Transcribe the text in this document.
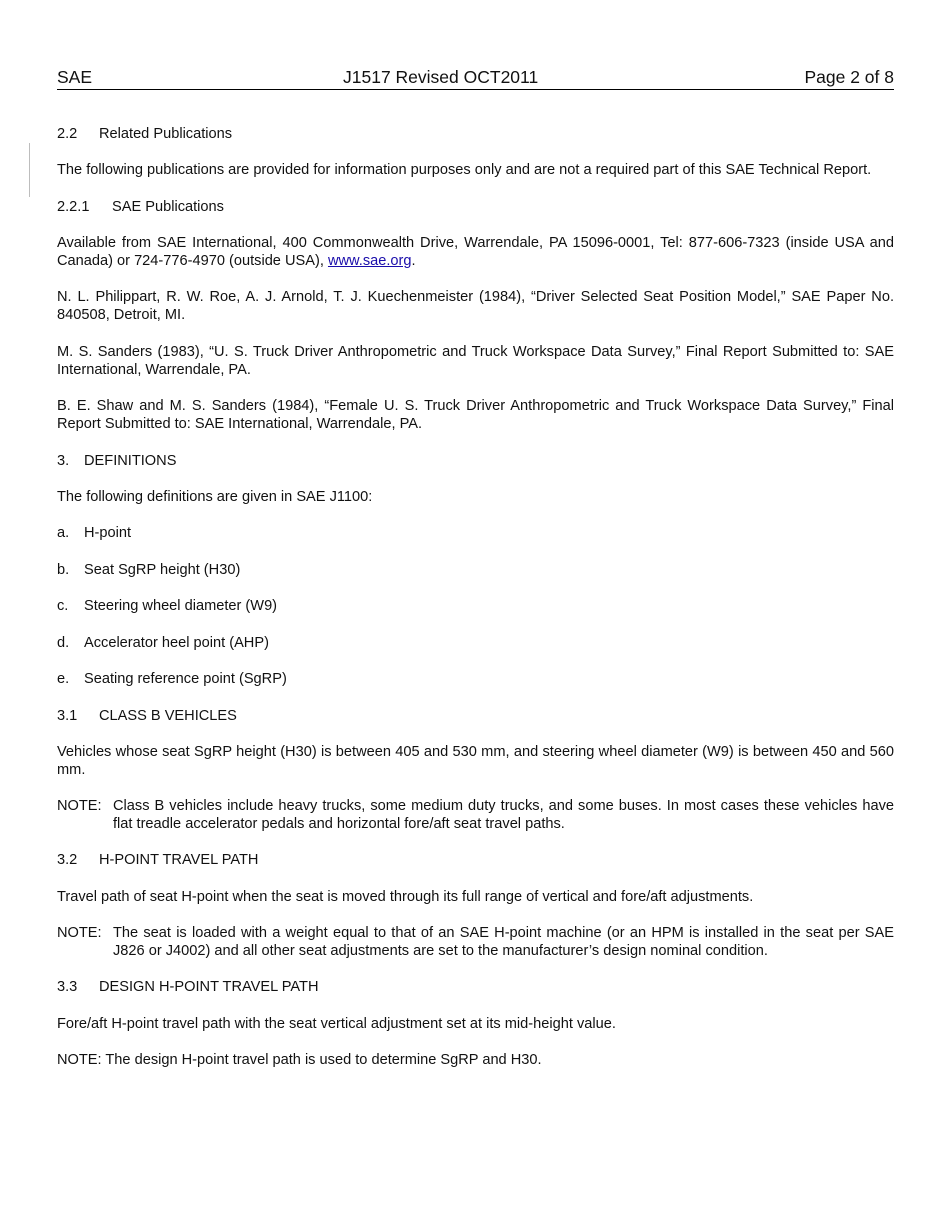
SAE	J1517 Revised OCT2011	Page 2 of 8

2.2 Related Publications

The following publications are provided for information purposes only and are not a required part of this SAE Technical Report.

2.2.1 SAE Publications

Available from SAE International, 400 Commonwealth Drive, Warrendale, PA 15096-0001, Tel: 877-606-7323 (inside USA and Canada) or 724-776-4970 (outside USA), www.sae.org.

N. L. Philippart, R. W. Roe, A. J. Arnold, T. J. Kuechenmeister (1984), “Driver Selected Seat Position Model,” SAE Paper No. 840508, Detroit, MI.

M. S. Sanders (1983), “U. S. Truck Driver Anthropometric and Truck Workspace Data Survey,” Final Report Submitted to: SAE International, Warrendale, PA.

B. E. Shaw and M. S. Sanders (1984), “Female U. S. Truck Driver Anthropometric and Truck Workspace Data Survey,” Final Report Submitted to: SAE International, Warrendale, PA.

3. DEFINITIONS

The following definitions are given in SAE J1100:

a. H-point

b. Seat SgRP height (H30)

c. Steering wheel diameter (W9)

d. Accelerator heel point (AHP)

e. Seating reference point (SgRP)

3.1 CLASS B VEHICLES

Vehicles whose seat SgRP height (H30) is between 405 and 530 mm, and steering wheel diameter (W9) is between 450 and 560 mm.

NOTE: Class B vehicles include heavy trucks, some medium duty trucks, and some buses. In most cases these vehicles have flat treadle accelerator pedals and horizontal fore/aft seat travel paths.

3.2 H-POINT TRAVEL PATH

Travel path of seat H-point when the seat is moved through its full range of vertical and fore/aft adjustments.

NOTE: The seat is loaded with a weight equal to that of an SAE H-point machine (or an HPM is installed in the seat per SAE J826 or J4002) and all other seat adjustments are set to the manufacturer’s design nominal condition.

3.3 DESIGN H-POINT TRAVEL PATH

Fore/aft H-point travel path with the seat vertical adjustment set at its mid-height value.

NOTE: The design H-point travel path is used to determine SgRP and H30.
